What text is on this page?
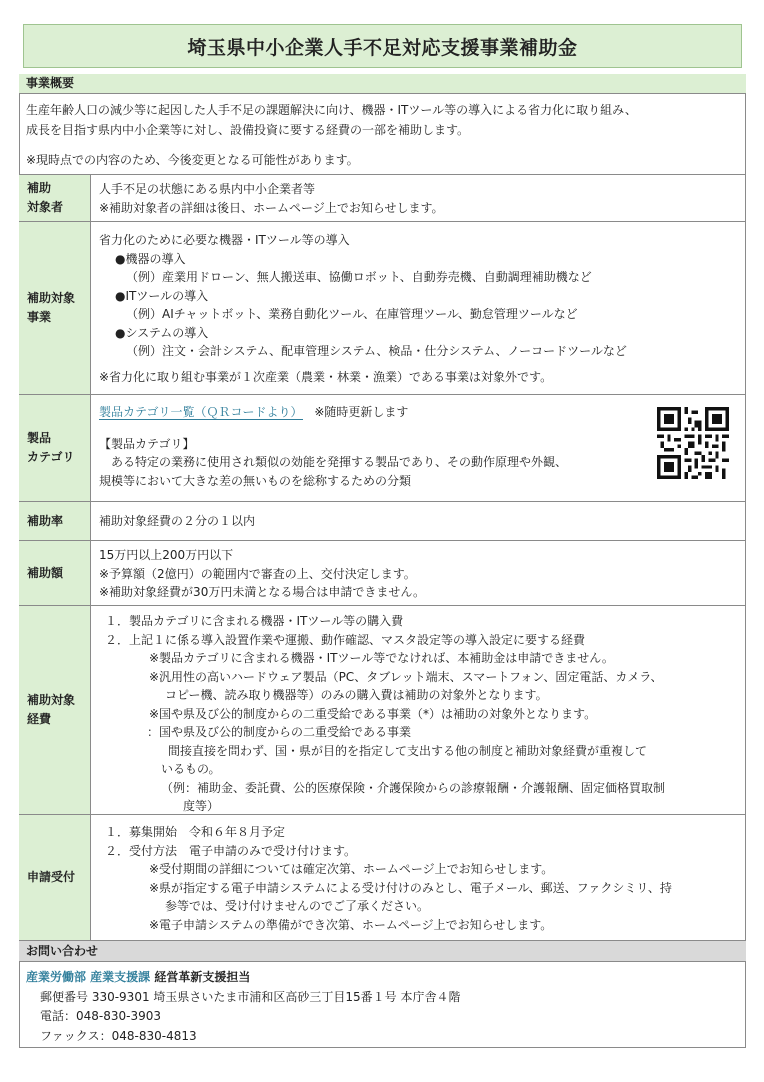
埼玉県中小企業人手不足対応支援事業補助金
事業概要
生産年齢人口の減少等に起因した人手不足の課題解決に向け、機器・ITツール等の導入による省力化に取り組み、
成長を目指す県内中小企業等に対し、設備投資に要する経費の一部を補助します。
※現時点での内容のため、今後変更となる可能性があります。
補助
対象者
人手不足の状態にある県内中小企業者等
※補助対象者の詳細は後日、ホームページ上でお知らせします。
補助対象
事業
省力化のために必要な機器・ITツール等の導入
●機器の導入
（例）産業用ドローン、無人搬送車、協働ロボット、自動券売機、自動調理補助機など
●ITツールの導入
（例）AIチャットボット、業務自動化ツール、在庫管理ツール、勤怠管理ツールなど
●システムの導入
（例）注文・会計システム、配車管理システム、検品・仕分システム、ノーコードツールなど
※省力化に取り組む事業が１次産業（農業・林業・漁業）である事業は対象外です。
製品
カテゴリ
製品カテゴリ一覧（ＱＲコードより） ※随時更新します
【製品カテゴリ】
ある特定の業務に使用され類似の効能を発揮する製品であり、その動作原理や外観、
規模等において大きな差の無いものを総称するための分類
補助率	補助対象経費の２分の１以内
補助額
15万円以上200万円以下
※予算額（2億円）の範囲内で審査の上、交付決定します。
※補助対象経費が30万円未満となる場合は申請できません。
補助対象
経費
１．製品カテゴリに含まれる機器・ITツール等の購入費
２．上記１に係る導入設置作業や運搬、動作確認、マスタ設定等の導入設定に要する経費
※製品カテゴリに含まれる機器・ITツール等でなければ、本補助金は申請できません。
※汎用性の高いハードウェア製品（PC、タブレット端末、スマートフォン、固定電話、カメラ、
コピー機、読み取り機器等）のみの購入費は補助の対象外となります。
※国や県及び公的制度からの二重受給である事業（*）は補助の対象外となります。
：国や県及び公的制度からの二重受給である事業
間接直接を問わず、国・県が目的を指定して支出する他の制度と補助対象経費が重複して
いるもの。
（例：補助金、委託費、公的医療保険・介護保険からの診療報酬・介護報酬、固定価格買取制
度等）
申請受付
１．募集開始　令和６年８月予定
２．受付方法　電子申請のみで受け付けます。
※受付期間の詳細については確定次第、ホームページ上でお知らせします。
※県が指定する電子申請システムによる受け付けのみとし、電子メール、郵送、ファクシミリ、持
参等では、受け付けませんのでご了承ください。
※電子申請システムの準備ができ次第、ホームページ上でお知らせします。
お問い合わせ
産業労働部 産業支援課 経営革新支援担当
郵便番号 330-9301 埼玉県さいたま市浦和区高砂三丁目15番１号 本庁舎４階
電話：048-830-3903
ファックス：048-830-4813
